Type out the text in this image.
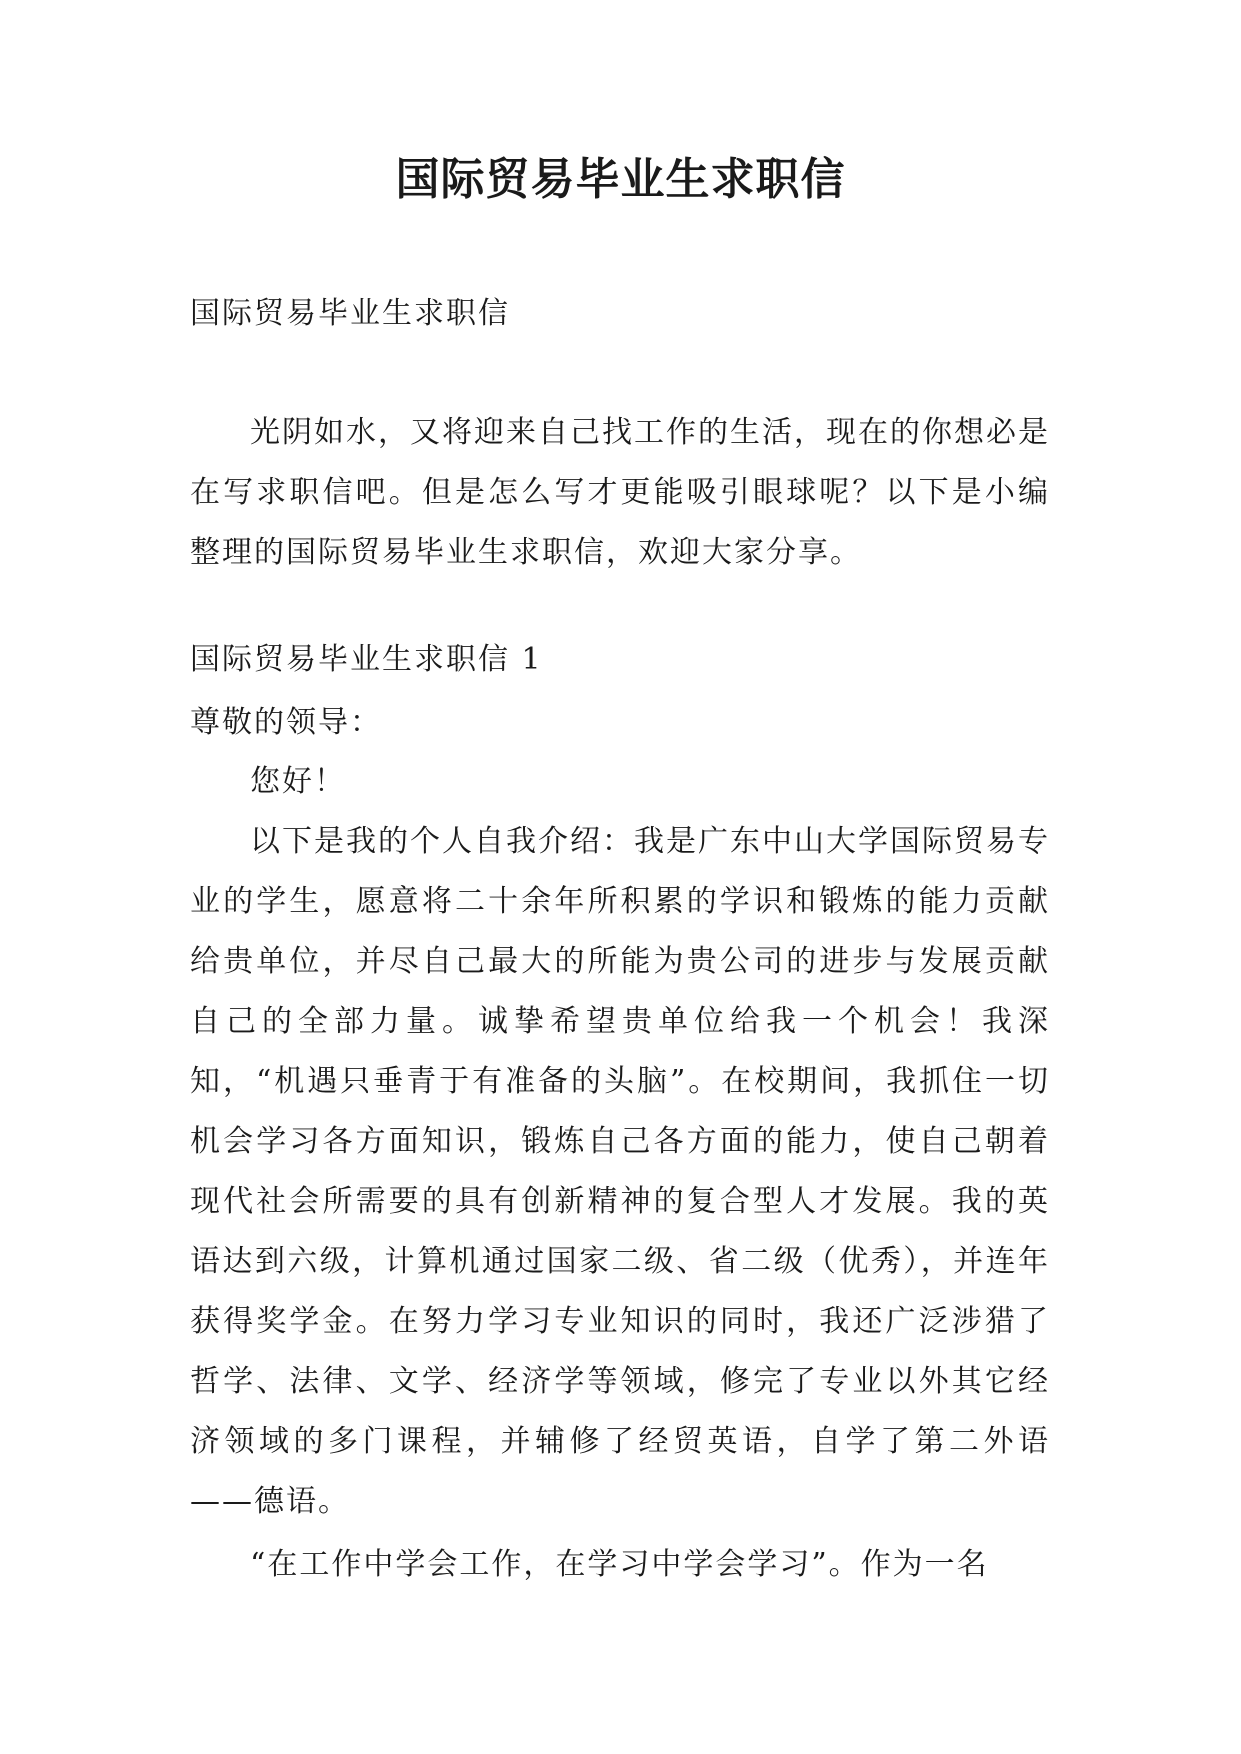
国际贸易毕业生求职信
国际贸易毕业生求职信

光阴如水，又将迎来自己找工作的生活，现在的你想必是在写求职信吧。但是怎么写才更能吸引眼球呢？以下是小编整理的国际贸易毕业生求职信，欢迎大家分享。

国际贸易毕业生求职信 1
尊敬的领导：
您好！

以下是我的个人自我介绍：我是广东中山大学国际贸易专业的学生，愿意将二十余年所积累的学识和锻炼的能力贡献给贵单位，并尽自己最大的所能为贵公司的进步与发展贡献自己的全部力量。诚挚希望贵单位给我一个机会！我深知，“机遇只垂青于有准备的头脑”。在校期间，我抓住一切机会学习各方面知识，锻炼自己各方面的能力，使自己朝着现代社会所需要的具有创新精神的复合型人才发展。我的英语达到六级，计算机通过国家二级、省二级（优秀），并连年获得奖学金。在努力学习专业知识的同时，我还广泛涉猎了哲学、法律、文学、经济学等领域，修完了专业以外其它经济领域的多门课程，并辅修了经贸英语，自学了第二外语——德语。

“在工作中学会工作，在学习中学会学习”。作为一名
